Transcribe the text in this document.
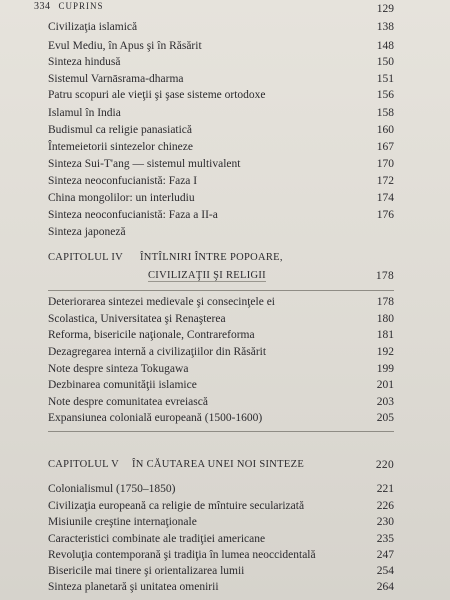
334 CUPRINS	129
Civilizaţia islamică	138
Evul Mediu, în Apus şi în Răsărit	148
Sinteza hindusă	150
Sistemul Varnāsrama-dharma	151
Patru scopuri ale vieţii şi şase sisteme ortodoxe	156
Islamul în India	158
Budismul ca religie panasiatică	160
Întemeietorii sintezelor chineze	167
Sinteza Sui-T'ang — sistemul multivalent	170
Sinteza neoconfucianistă: Faza I	172
China mongolilor: un interludiu	174
Sinteza neoconfucianistă: Faza a II-a	176
Sinteza japoneză
CAPITOLUL IV ÎNTÎLNIRI ÎNTRE POPOARE,
CIVILIZAŢII ŞI RELIGII	178
Deteriorarea sintezei medievale şi consecinţele ei	178
Scolastica, Universitatea şi Renaşterea	180
Reforma, bisericile naţionale, Contrareforma	181
Dezagregarea internă a civilizaţiilor din Răsărit	192
Note despre sinteza Tokugawa	199
Dezbinarea comunităţii islamice	201
Note despre comunitatea evreiască	203
Expansiunea colonială europeană (1500-1600)	205
CAPITOLUL V ÎN CĂUTAREA UNEI NOI SINTEZE	220
Colonialismul (1750–1850)	221
Civilizaţia europeană ca religie de mîntuire secularizată	226
Misiunile creştine internaţionale	230
Caracteristici combinate ale tradiţiei americane	235
Revoluţia contemporană şi tradiţia în lumea neoccidentală	247
Bisericile mai tinere şi orientalizarea lumii	254
Sinteza planetară şi unitatea omenirii	264
